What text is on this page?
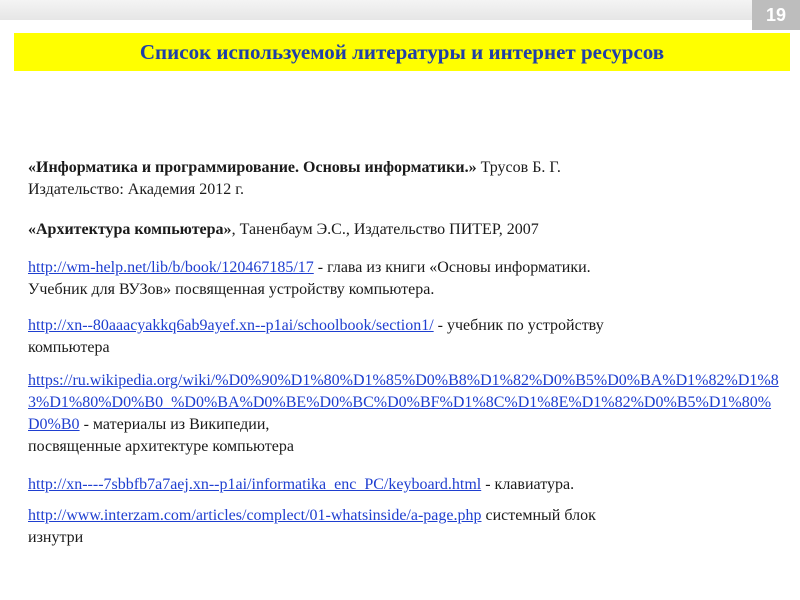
19
Список используемой литературы и интернет ресурсов

«Информатика и программирование. Основы информатики.» Трусов Б. Г.
Издательство: Академия 2012 г.

«Архитектура компьютера», Таненбаум Э.С., Издательство ПИТЕР, 2007

http://wm-help.net/lib/b/book/120467185/17 - глава из книги «Основы информатики.
Учебник для ВУЗов» посвященная устройству компьютера.

http://xn--80aaacyakkq6ab9ayef.xn--p1ai/schoolbook/section1/ - учебник по устройству
компьютера

https://ru.wikipedia.org/wiki/%D0%90%D1%80%D1%85%D0%B8%D1%82%D0%B5%D0%BA%D1%82%D1%83%D1%80%D0%B0_%D0%BA%D0%BE%D0%BC%D0%BF%D1%8C%D1%8E%D1%82%D0%B5%D1%80%D0%B0 - материалы из Википедии,
посвященные архитектуре компьютера

http://xn----7sbbfb7a7aej.xn--p1ai/informatika_enc_PC/keyboard.html - клавиатура.

http://www.interzam.com/articles/complect/01-whatsinside/a-page.php системный блок
изнутри
